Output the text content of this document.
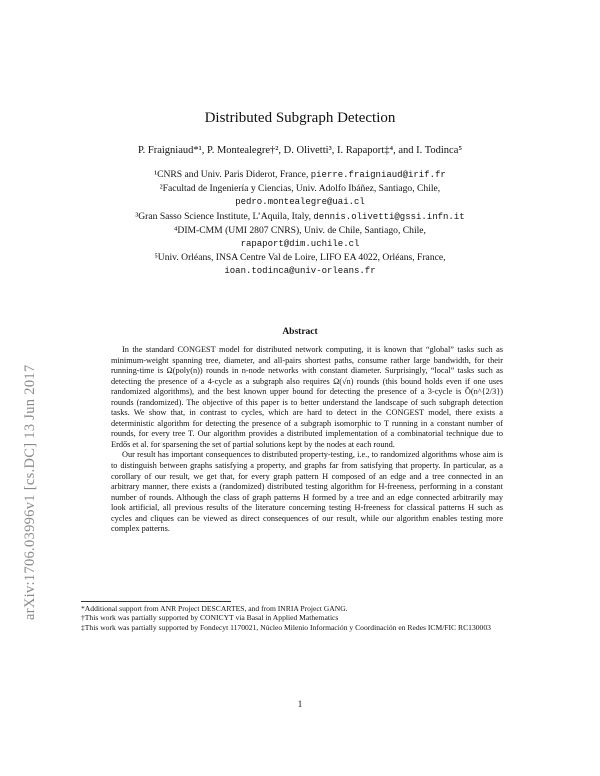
arXiv:1706.03996v1 [cs.DC] 13 Jun 2017
Distributed Subgraph Detection
P. Fraigniaud*¹, P. Montealegre†², D. Olivetti³, I. Rapaport‡⁴, and I. Todinca⁵
¹CNRS and Univ. Paris Diderot, France, pierre.fraigniaud@irif.fr
²Facultad de Ingeniería y Ciencias, Univ. Adolfo Ibáñez, Santiago, Chile,
pedro.montealegre@uai.cl
³Gran Sasso Science Institute, L’Aquila, Italy, dennis.olivetti@gssi.infn.it
⁴DIM-CMM (UMI 2807 CNRS), Univ. de Chile, Santiago, Chile,
rapaport@dim.uchile.cl
⁵Univ. Orléans, INSA Centre Val de Loire, LIFO EA 4022, Orléans, France,
ioan.todinca@univ-orleans.fr
Abstract

In the standard CONGEST model for distributed network computing, it is known that “global” tasks such as minimum-weight spanning tree, diameter, and all-pairs shortest paths, consume rather large bandwidth, for their running-time is Ω(poly(n)) rounds in n-node networks with constant diameter. Surprisingly, “local” tasks such as detecting the presence of a 4-cycle as a subgraph also requires Ω(√n) rounds (this bound holds even if one uses randomized algorithms), and the best known upper bound for detecting the presence of a 3-cycle is Õ(n^{2/3}) rounds (randomized). The objective of this paper is to better understand the landscape of such subgraph detection tasks. We show that, in contrast to cycles, which are hard to detect in the CONGEST model, there exists a deterministic algorithm for detecting the presence of a subgraph isomorphic to T running in a constant number of rounds, for every tree T. Our algorithm provides a distributed implementation of a combinatorial technique due to Erdős et al. for sparsening the set of partial solutions kept by the nodes at each round.

Our result has important consequences to distributed property-testing, i.e., to randomized algorithms whose aim is to distinguish between graphs satisfying a property, and graphs far from satisfying that property. In particular, as a corollary of our result, we get that, for every graph pattern H composed of an edge and a tree connected in an arbitrary manner, there exists a (randomized) distributed testing algorithm for H-freeness, performing in a constant number of rounds. Although the class of graph patterns H formed by a tree and an edge connected arbitrarily may look artificial, all previous results of the literature concerning testing H-freeness for classical patterns H such as cycles and cliques can be viewed as direct consequences of our result, while our algorithm enables testing more complex patterns.

*Additional support from ANR Project DESCARTES, and from INRIA Project GANG.

†This work was partially supported by CONICYT via Basal in Applied Mathematics

‡This work was partially supported by Fondecyt 1170021, Núcleo Milenio Información y Coordinación en Redes ICM/FIC RC130003

1
